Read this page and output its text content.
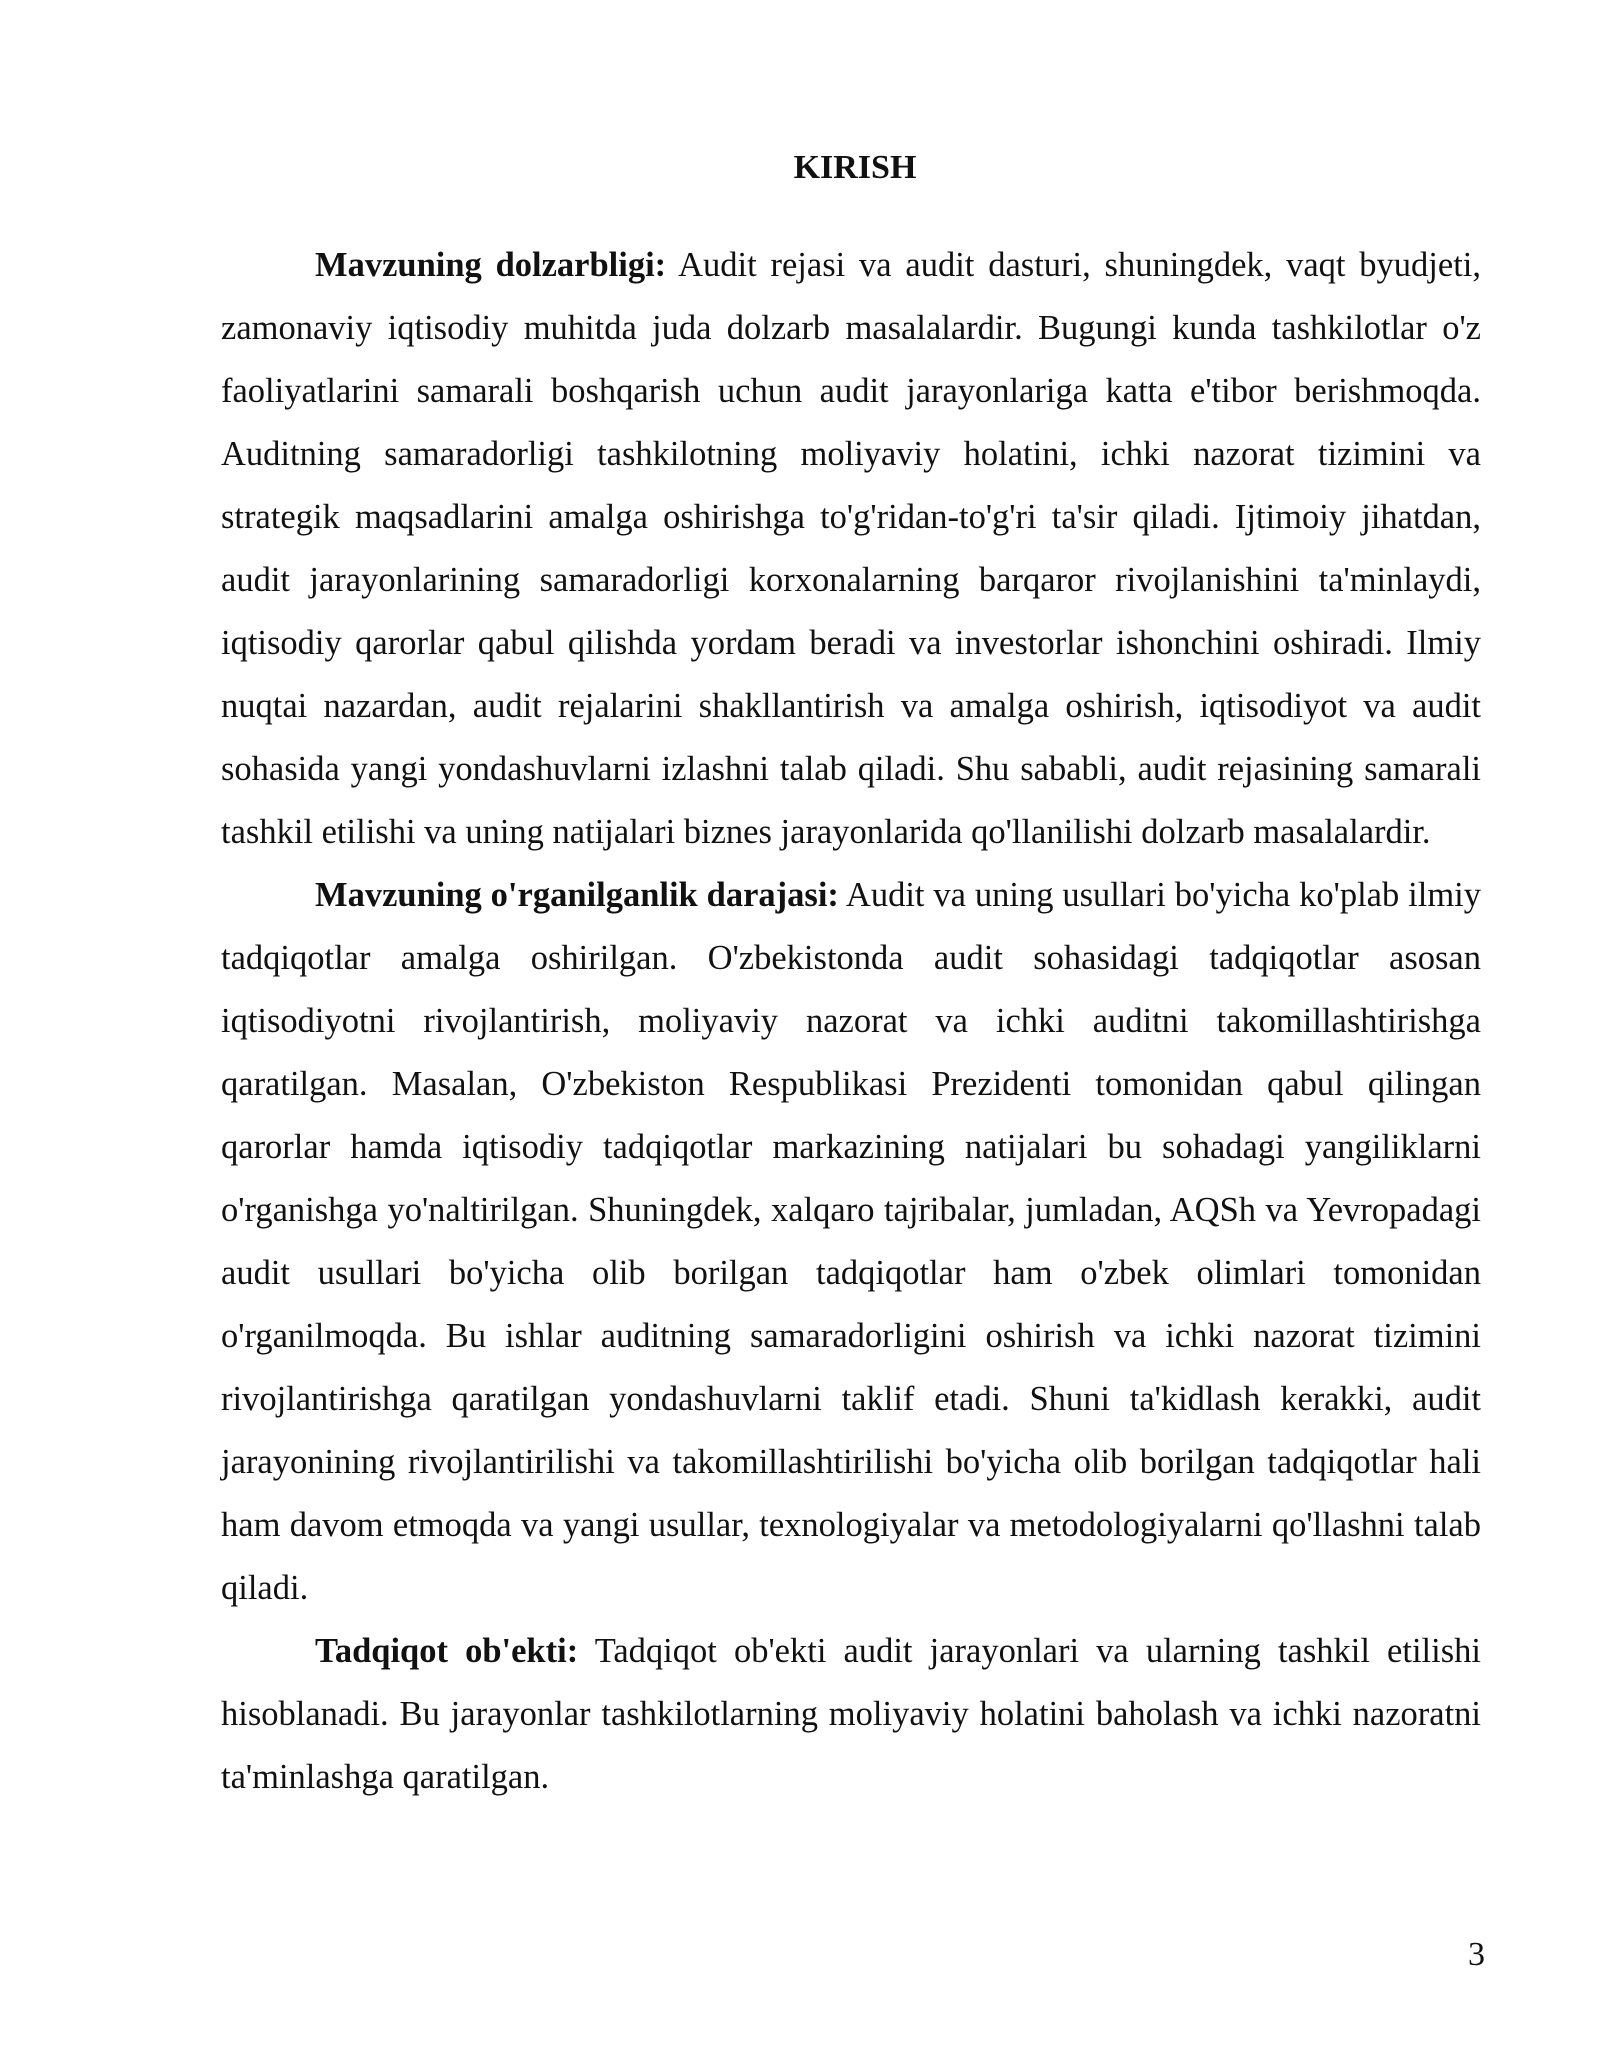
KIRISH

Mavzuning dolzarbligi: Audit rejasi va audit dasturi, shuningdek, vaqt byudjeti, zamonaviy iqtisodiy muhitda juda dolzarb masalalardir. Bugungi kunda tashkilotlar o'z faoliyatlarini samarali boshqarish uchun audit jarayonlariga katta e'tibor berishmoqda. Auditning samaradorligi tashkilotning moliyaviy holatini, ichki nazorat tizimini va strategik maqsadlarini amalga oshirishga to'g'ridan-to'g'ri ta'sir qiladi. Ijtimoiy jihatdan, audit jarayonlarining samaradorligi korxonalarning barqaror rivojlanishini ta'minlaydi, iqtisodiy qarorlar qabul qilishda yordam beradi va investorlar ishonchini oshiradi. Ilmiy nuqtai nazardan, audit rejalarini shakllantirish va amalga oshirish, iqtisodiyot va audit sohasida yangi yondashuvlarni izlashni talab qiladi. Shu sababli, audit rejasining samarali tashkil etilishi va uning natijalari biznes jarayonlarida qo'llanilishi dolzarb masalalardir.

Mavzuning o'rganilganlik darajasi: Audit va uning usullari bo'yicha ko'plab ilmiy tadqiqotlar amalga oshirilgan. O'zbekistonda audit sohasidagi tadqiqotlar asosan iqtisodiyotni rivojlantirish, moliyaviy nazorat va ichki auditni takomillashtirishga qaratilgan. Masalan, O'zbekiston Respublikasi Prezidenti tomonidan qabul qilingan qarorlar hamda iqtisodiy tadqiqotlar markazining natijalari bu sohadagi yangiliklarni o'rganishga yo'naltirilgan. Shuningdek, xalqaro tajribalar, jumladan, AQSh va Yevropadagi audit usullari bo'yicha olib borilgan tadqiqotlar ham o'zbek olimlari tomonidan o'rganilmoqda. Bu ishlar auditning samaradorligini oshirish va ichki nazorat tizimini rivojlantirishga qaratilgan yondashuvlarni taklif etadi. Shuni ta'kidlash kerakki, audit jarayonining rivojlantirilishi va takomillashtirilishi bo'yicha olib borilgan tadqiqotlar hali ham davom etmoqda va yangi usullar, texnologiyalar va metodologiyalarni qo'llashni talab qiladi.

Tadqiqot ob'ekti: Tadqiqot ob'ekti audit jarayonlari va ularning tashkil etilishi hisoblanadi. Bu jarayonlar tashkilotlarning moliyaviy holatini baholash va ichki nazoratni ta'minlashga qaratilgan.

3
